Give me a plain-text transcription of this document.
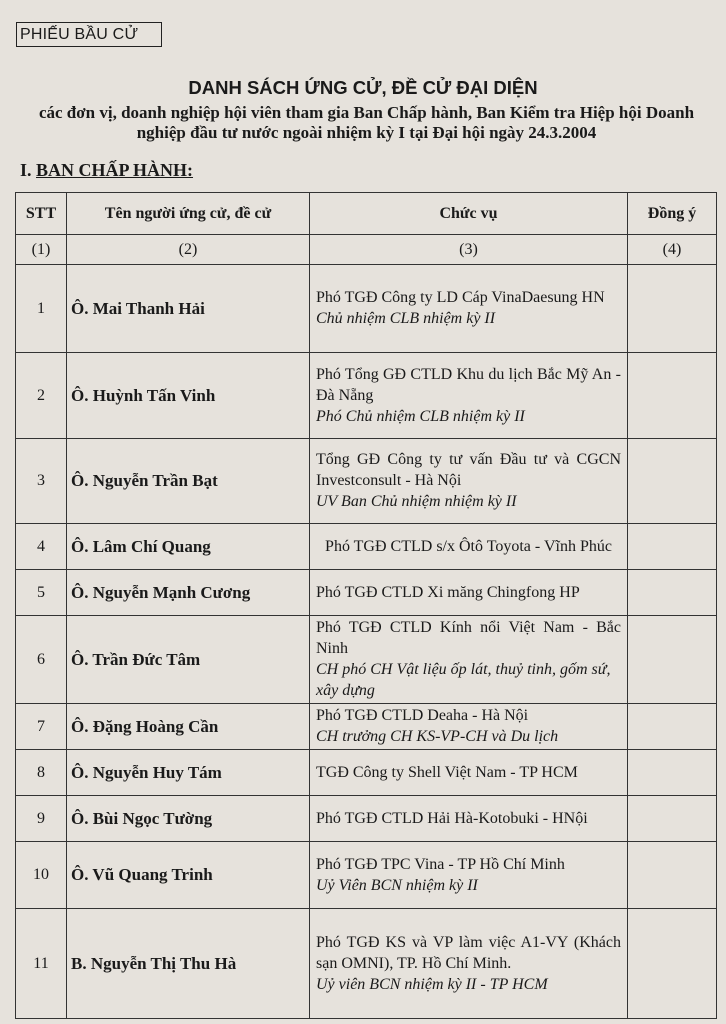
PHIẾU BẦU CỬ
DANH SÁCH ỨNG CỬ, ĐỀ CỬ ĐẠI DIỆN
các đơn vị, doanh nghiệp hội viên tham gia Ban Chấp hành, Ban Kiểm tra Hiệp hội Doanh nghiệp đầu tư nước ngoài nhiệm kỳ I tại Đại hội ngày 24.3.2004
I. BAN CHẤP HÀNH:
STT	Tên người ứng cử, đề cử	Chức vụ	Đồng ý
(1)	(2)	(3)	(4)
1	Ô. Mai Thanh Hải	Phó TGĐ Công ty LD Cáp VinaDaesung HN
Chủ nhiệm CLB nhiệm kỳ II	

2	Ô. Huỳnh Tấn Vinh	Phó Tổng GĐ CTLD Khu du lịch Bắc Mỹ An - Đà Nẵng
Phó Chủ nhiệm CLB nhiệm kỳ II	

3	Ô. Nguyễn Trần Bạt	Tổng GĐ Công ty tư vấn Đầu tư và CGCN Investconsult - Hà Nội
UV Ban Chủ nhiệm nhiệm kỳ II	

4	Ô. Lâm Chí Quang	Phó TGĐ CTLD s/x Ôtô Toyota - Vĩnh Phúc	

5	Ô. Nguyễn Mạnh Cương	Phó TGĐ CTLD Xi măng Chingfong HP	

6	Ô. Trần Đức Tâm	Phó TGĐ CTLD Kính nổi Việt Nam - Bắc Ninh
CH phó CH Vật liệu ốp lát, thuỷ tinh, gốm sứ, xây dựng	

7	Ô. Đặng Hoàng Cần	Phó TGĐ CTLD Deaha - Hà Nội
CH trưởng CH KS-VP-CH và Du lịch	

8	Ô. Nguyễn Huy Tám	TGĐ Công ty Shell Việt Nam - TP HCM	

9	Ô. Bùi Ngọc Tường	Phó TGĐ CTLD Hải Hà-Kotobuki - HNội	

10	Ô. Vũ Quang Trinh	Phó TGĐ TPC Vina - TP Hồ Chí Minh
Uỷ Viên BCN nhiệm kỳ II	

11	B. Nguyễn Thị Thu Hà	Phó TGĐ KS và VP làm việc A1-VY (Khách sạn OMNI), TP. Hồ Chí Minh.
Uỷ viên BCN nhiệm kỳ II - TP HCM	
